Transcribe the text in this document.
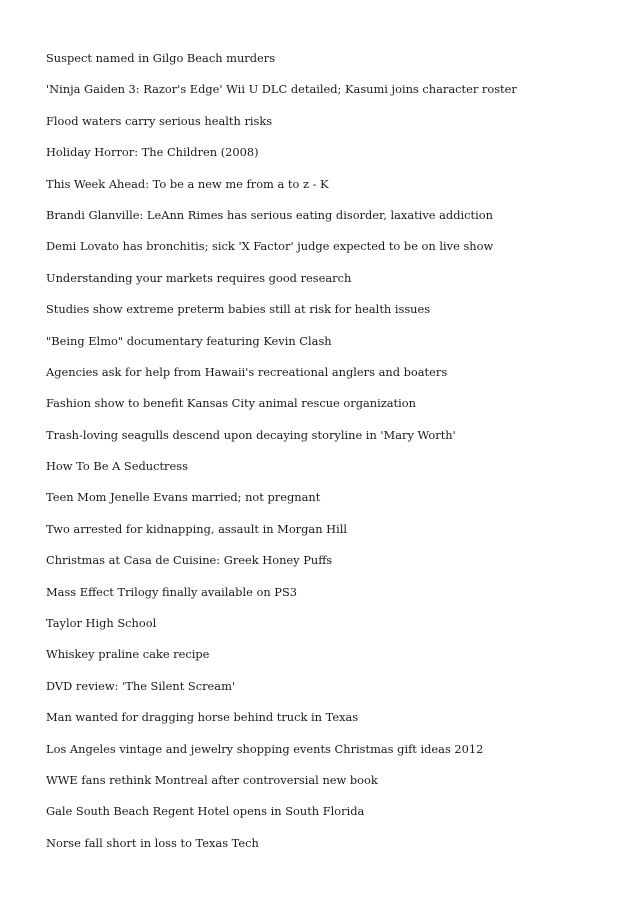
Suspect named in Gilgo Beach murders
'Ninja Gaiden 3: Razor's Edge' Wii U DLC detailed; Kasumi joins character roster
Flood waters carry serious health risks
Holiday Horror: The Children (2008)
This Week Ahead: To be a new me from a to z - K
Brandi Glanville: LeAnn Rimes has serious eating disorder, laxative addiction
Demi Lovato has bronchitis; sick 'X Factor' judge expected to be on live show
Understanding your markets requires good research
Studies show extreme preterm babies still at risk for health issues
"Being Elmo" documentary featuring Kevin Clash
Agencies ask for help from Hawaii's recreational anglers and boaters
Fashion show to benefit Kansas City animal rescue organization
Trash-loving seagulls descend upon decaying storyline in 'Mary Worth'
How To Be A Seductress
Teen Mom Jenelle Evans married; not pregnant
Two arrested for kidnapping, assault in Morgan Hill
Christmas at Casa de Cuisine: Greek Honey Puffs
Mass Effect Trilogy finally available on PS3
Taylor High School
Whiskey praline cake recipe
DVD review: 'The Silent Scream'
Man wanted for dragging horse behind truck in Texas
Los Angeles vintage and jewelry shopping events Christmas gift ideas 2012
WWE fans rethink Montreal after controversial new book
Gale South Beach Regent Hotel opens in South Florida
Norse fall short in loss to Texas Tech
